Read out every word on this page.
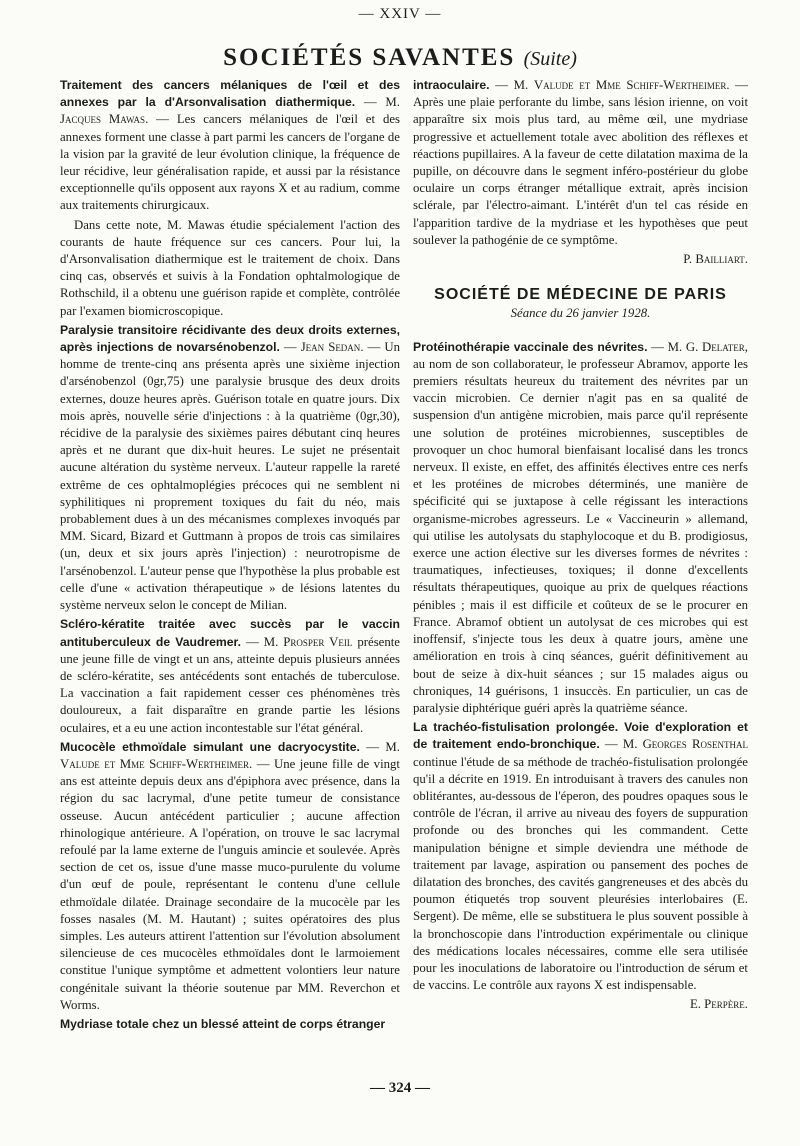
— XXIV —
SOCIÉTÉS SAVANTES (Suite)

Traitement des cancers mélaniques de l'œil et des annexes par la d'Arsonvalisation diathermique. — M. Jacques Mawas. — Les cancers mélaniques de l'œil et des annexes forment une classe à part parmi les cancers de l'organe de la vision par la gravité de leur évolution clinique, la fréquence de leur récidive, leur généralisation rapide, et aussi par la résistance exceptionnelle qu'ils opposent aux rayons X et au radium, comme aux traitements chirurgicaux.

Dans cette note, M. Mawas étudie spécialement l'action des courants de haute fréquence sur ces cancers. Pour lui, la d'Arsonvalisation diathermique est le traitement de choix. Dans cinq cas, observés et suivis à la Fondation ophtalmologique de Rothschild, il a obtenu une guérison rapide et complète, contrôlée par l'examen biomicroscopique.

Paralysie transitoire récidivante des deux droits externes, après injections de novarsénobenzol. — Jean Sedan. — Un homme de trente-cinq ans présenta après une sixième injection d'arsénobenzol (0gr,75) une paralysie brusque des deux droits externes, douze heures après. Guérison totale en quatre jours. Dix mois après, nouvelle série d'injections : à la quatrième (0gr,30), récidive de la paralysie des sixièmes paires débutant cinq heures après et ne durant que dix-huit heures. Le sujet ne présentait aucune altération du système nerveux. L'auteur rappelle la rareté extrême de ces ophtalmoplégies précoces qui ne semblent ni syphilitiques ni proprement toxiques du fait du néo, mais probablement dues à un des mécanismes complexes invoqués par MM. Sicard, Bizard et Guttmann à propos de trois cas similaires (un, deux et six jours après l'injection) : neurotropisme de l'arsénobenzol. L'auteur pense que l'hypothèse la plus probable est celle d'une « activation thérapeutique » de lésions latentes du système nerveux selon le concept de Milian.

Scléro-kératite traitée avec succès par le vaccin antituberculeux de Vaudremer. — M. Prosper Veil présente une jeune fille de vingt et un ans, atteinte depuis plusieurs années de scléro-kératite, ses antécédents sont entachés de tuberculose. La vaccination a fait rapidement cesser ces phénomènes très douloureux, a fait disparaître en grande partie les lésions oculaires, et a eu une action incontestable sur l'état général.

Mucocèle ethmoïdale simulant une dacryocystite. — M. Valude et Mme Schiff-Wertheimer. — Une jeune fille de vingt ans est atteinte depuis deux ans d'épiphora avec présence, dans la région du sac lacrymal, d'une petite tumeur de consistance osseuse. Aucun antécédent particulier ; aucune affection rhinologique antérieure. A l'opération, on trouve le sac lacrymal refoulé par la lame externe de l'unguis amincie et soulevée. Après section de cet os, issue d'une masse muco-purulente du volume d'un œuf de poule, représentant le contenu d'une cellule ethmoïdale dilatée. Drainage secondaire de la mucocèle par les fosses nasales (M. M. Hautant) ; suites opératoires des plus simples. Les auteurs attirent l'attention sur l'évolution absolument silencieuse de ces mucocèles ethmoïdales dont le larmoiement constitue l'unique symptôme et admettent volontiers leur nature congénitale suivant la théorie soutenue par MM. Reverchon et Worms.

Mydriase totale chez un blessé atteint de corps étranger

intraoculaire. — M. Valude et Mme Schiff-Wertheimer. — Après une plaie perforante du limbe, sans lésion irienne, on voit apparaître six mois plus tard, au même œil, une mydriase progressive et actuellement totale avec abolition des réflexes et réactions pupillaires. A la faveur de cette dilatation maxima de la pupille, on découvre dans le segment inféro-postérieur du globe oculaire un corps étranger métallique extrait, après incision sclérale, par l'électro-aimant. L'intérêt d'un tel cas réside en l'apparition tardive de la mydriase et les hypothèses que peut soulever la pathogénie de ce symptôme.

P. Bailliart.

SOCIÉTÉ DE MÉDECINE DE PARIS
Séance du 26 janvier 1928.

Protéinothérapie vaccinale des névrites. — M. G. Delater, au nom de son collaborateur, le professeur Abramov, apporte les premiers résultats heureux du traitement des névrites par un vaccin microbien. Ce dernier n'agit pas en sa qualité de suspension d'un antigène microbien, mais parce qu'il représente une solution de protéines microbiennes, susceptibles de provoquer un choc humoral bienfaisant localisé dans les troncs nerveux. Il existe, en effet, des affinités électives entre ces nerfs et les protéines de microbes déterminés, une manière de spécificité qui se juxtapose à celle régissant les interactions organisme-microbes agresseurs. Le « Vaccineurin » allemand, qui utilise les autolysats du staphylocoque et du B. prodigiosus, exerce une action élective sur les diverses formes de névrites : traumatiques, infectieuses, toxiques; il donne d'excellents résultats thérapeutiques, quoique au prix de quelques réactions pénibles ; mais il est difficile et coûteux de se le procurer en France. Abramof obtient un autolysat de ces microbes qui est inoffensif, s'injecte tous les deux à quatre jours, amène une amélioration en trois à cinq séances, guérit définitivement au bout de seize à dix-huit séances ; sur 15 malades aigus ou chroniques, 14 guérisons, 1 insuccès. En particulier, un cas de paralysie diphtérique guéri après la quatrième séance.

La trachéo-fistulisation prolongée. Voie d'exploration et de traitement endo-bronchique. — M. Georges Rosenthal continue l'étude de sa méthode de trachéo-fistulisation prolongée qu'il a décrite en 1919. En introduisant à travers des canules non oblitérantes, au-dessous de l'éperon, des poudres opaques sous le contrôle de l'écran, il arrive au niveau des foyers de suppuration profonde ou des bronches qui les commandent. Cette manipulation bénigne et simple deviendra une méthode de traitement par lavage, aspiration ou pansement des poches de dilatation des bronches, des cavités gangreneuses et des abcès du poumon étiquetés trop souvent pleurésies interlobaires (E. Sergent). De même, elle se substituera le plus souvent possible à la bronchoscopie dans l'introduction expérimentale ou clinique des médications locales nécessaires, comme elle sera utilisée pour les inoculations de laboratoire ou l'introduction de sérum et de vaccins. Le contrôle aux rayons X est indispensable.

E. Perpère.

— 324 —
